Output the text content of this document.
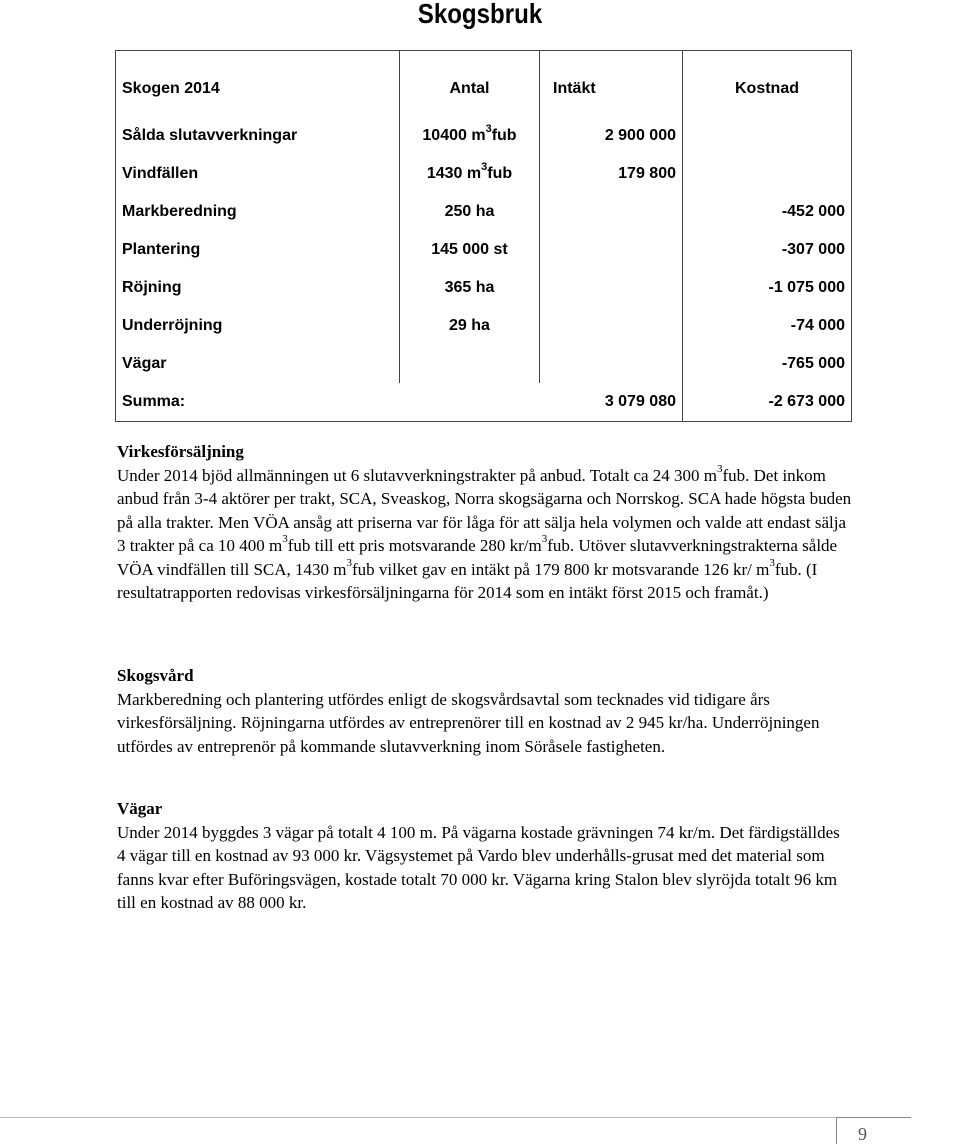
Skogsbruk
Skogen 2014	Antal	Intäkt	Kostnad
Sålda slutavverkningar	10400 $m^3fub$	2 900 000	
Vindfällen	1430 $m^3fub$	179 800	
Markberedning	250 ha		-452 000
Plantering	145 000 st		-307 000
Röjning	365 ha		-1 075 000
Underröjning	29 ha		-74 000
Vägar			-765 000
Summa:		3 079 080	-2 673 000
Virkesförsäljning

Under 2014 bjöd allmänningen ut 6 slutavverkningstrakter på anbud. Totalt ca 24 300 $m^3fub$. Det inkom anbud från 3-4 aktörer per trakt, SCA, Sveaskog, Norra skogsägarna och Norrskog. SCA hade högsta buden på alla trakter. Men VÖA ansåg att priserna var för låga för att sälja hela volymen och valde att endast sälja 3 trakter på ca 10 400 $m^3fub$ till ett pris motsvarande 280 $kr/m^3fub$. Utöver slutavverkningstrakterna sålde VÖA vindfällen till SCA, 1430 $m^3fub$ vilket gav en intäkt på 179 800 kr motsvarande 126 kr/ $m^3fub$. (I resultatrapporten redovisas virkesförsäljningarna för 2014 som en intäkt först 2015 och framåt.)

Skogsvård

Markberedning och plantering utfördes enligt de skogsvårdsavtal som tecknades vid tidigare års virkesförsäljning. Röjningarna utfördes av entreprenörer till en kostnad av 2 945 kr/ha. Underröjningen utfördes av entreprenör på kommande slutavverkning inom Söråsele fastigheten.

Vägar

Under 2014 byggdes 3 vägar på totalt 4 100 m. På vägarna kostade grävningen 74 kr/m. Det färdigställdes 4 vägar till en kostnad av 93 000 kr. Vägsystemet på Vardo blev underhålls-grusat med det material som fanns kvar efter Buföringsvägen, kostade totalt 70 000 kr. Vägarna kring Stalon blev slyröjda totalt 96 km till en kostnad av 88 000 kr.

9
